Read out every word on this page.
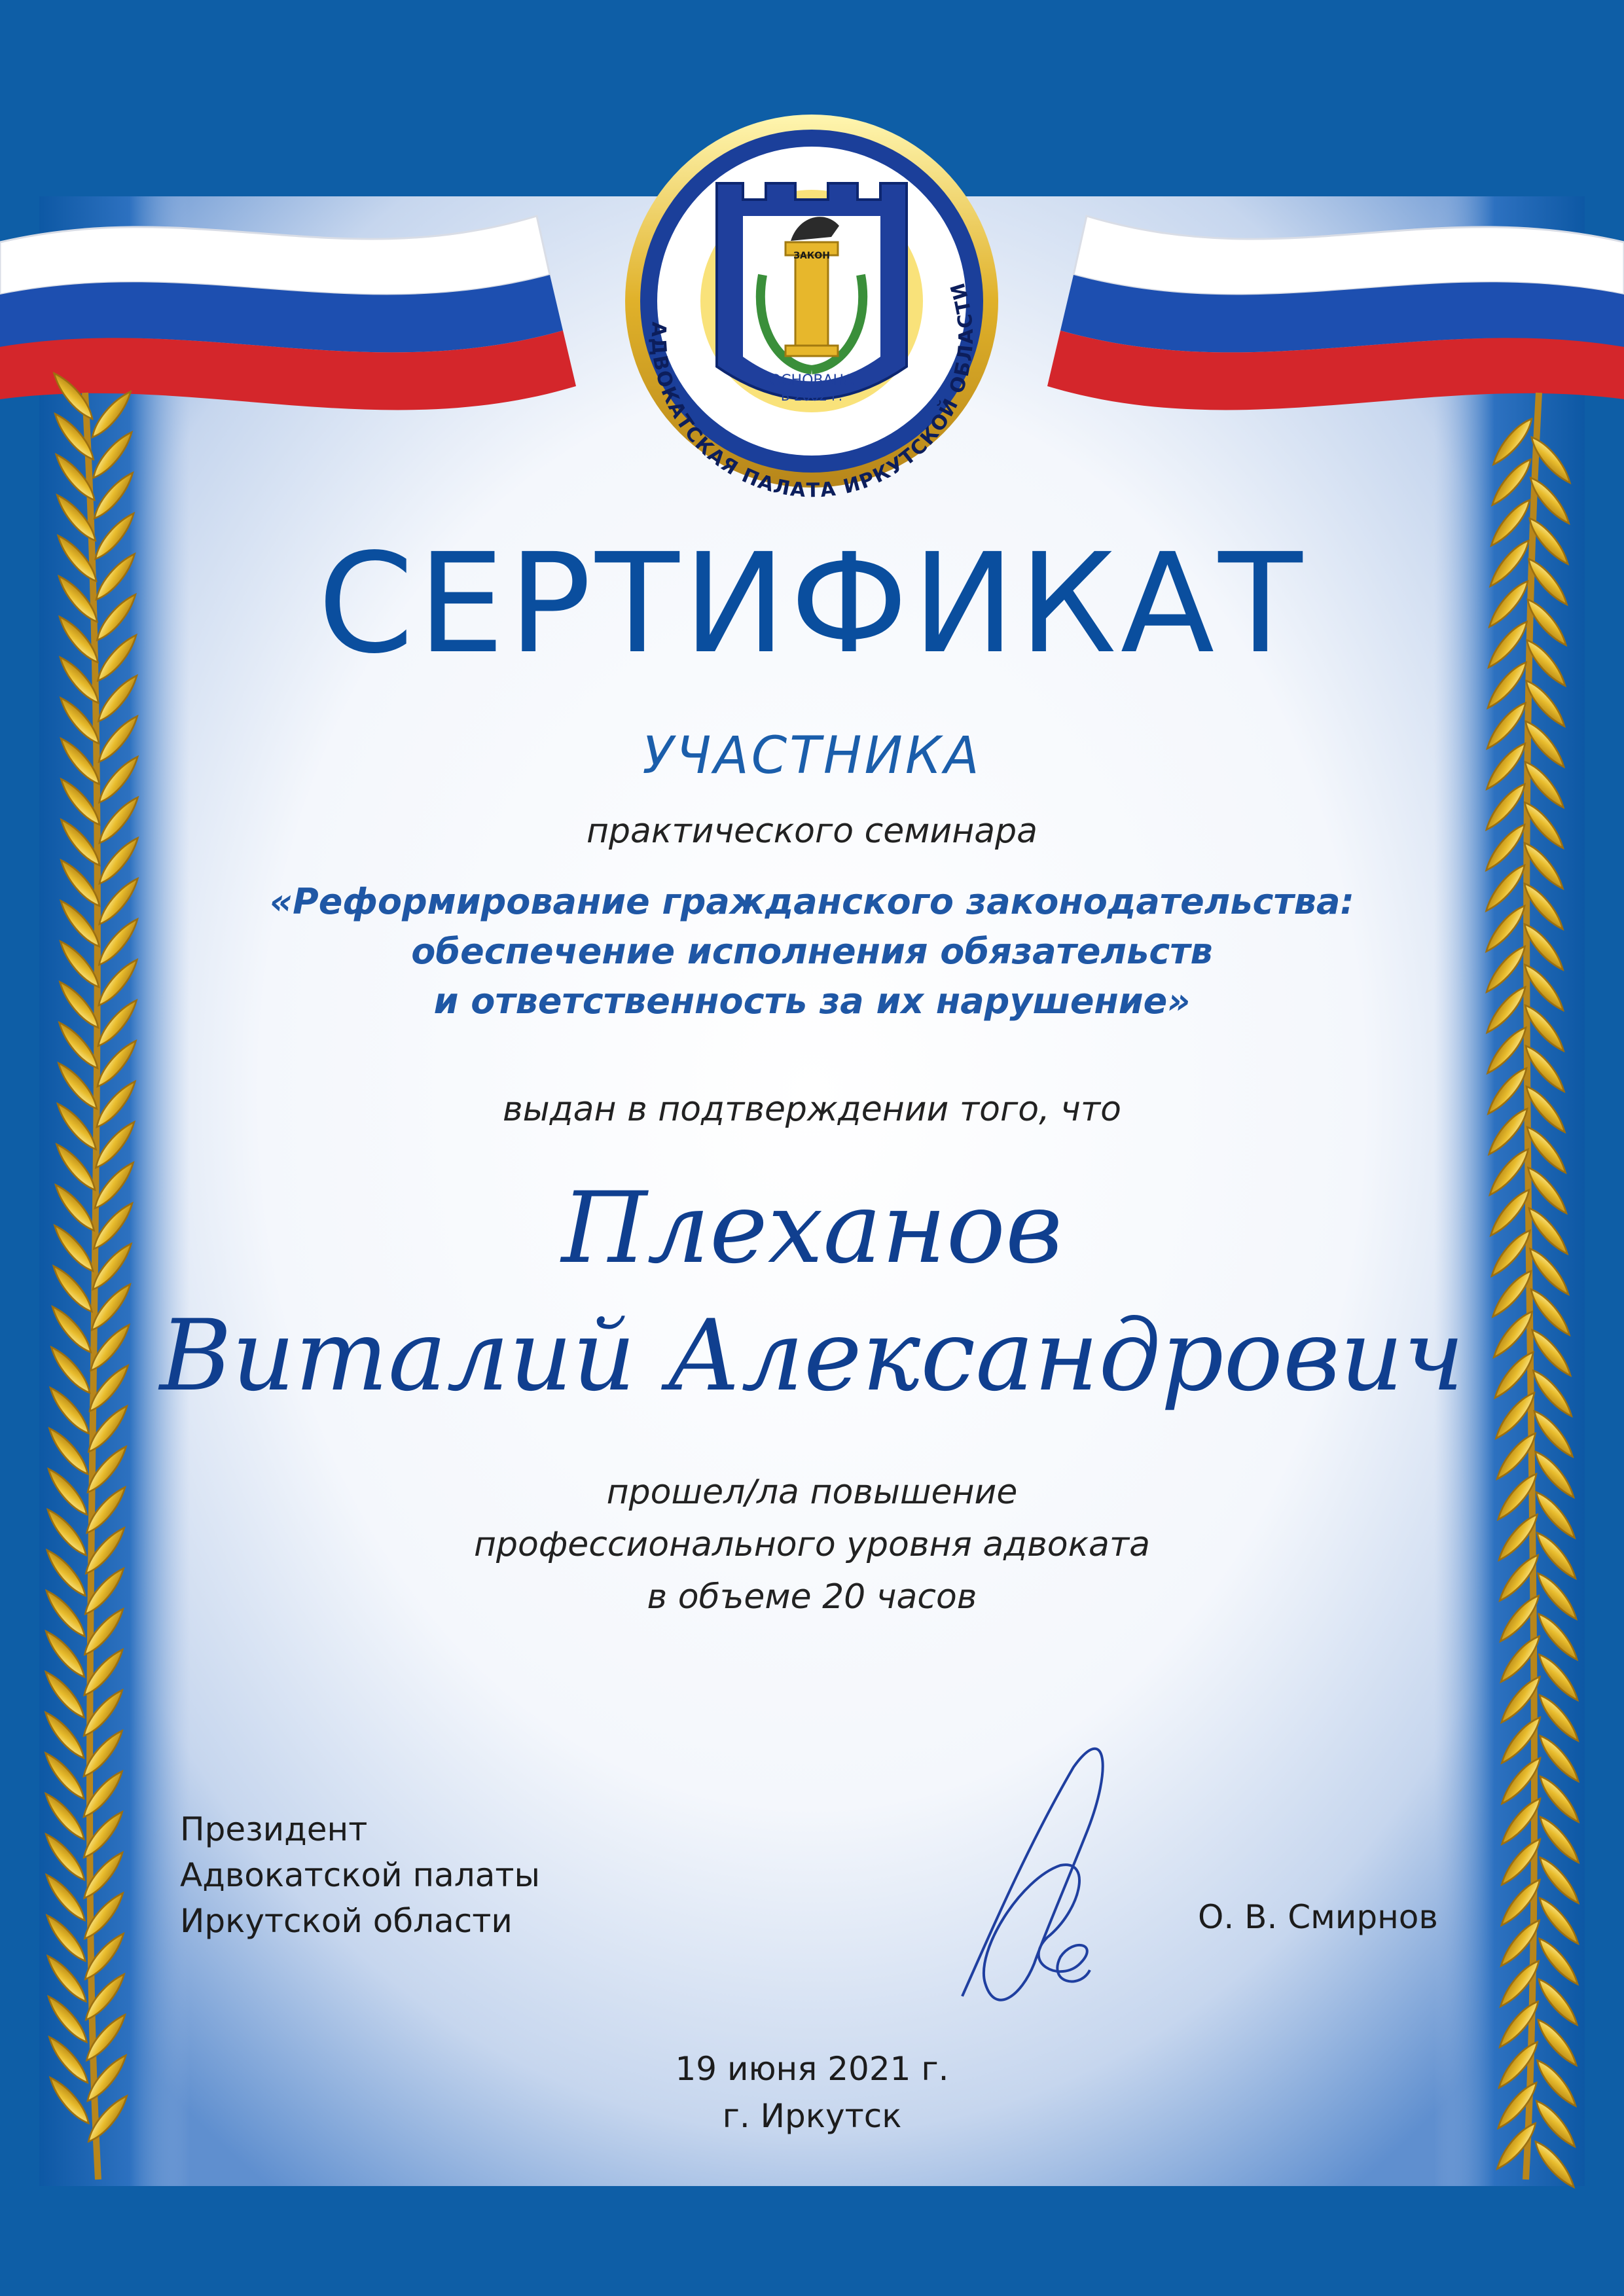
ЗАКОН
ОСНОВАНА
В 2002 г.
АДВОКАТСКАЯ ПАЛАТА ИРКУТСКОЙ ОБЛАСТИ
СЕРТИФИКАТ
УЧАСТНИКА
практического семинара
«Реформирование гражданского законодательства:
обеспечение исполнения обязательств
и ответственность за их нарушение»
выдан в подтверждении того, что
Плеханов
Виталий Александрович
прошел/ла повышение
профессионального уровня адвоката
в объеме 20 часов
Президент
Адвокатской палаты
Иркутской области	О. В. Смирнов
19 июня 2021 г.
г. Иркутск
